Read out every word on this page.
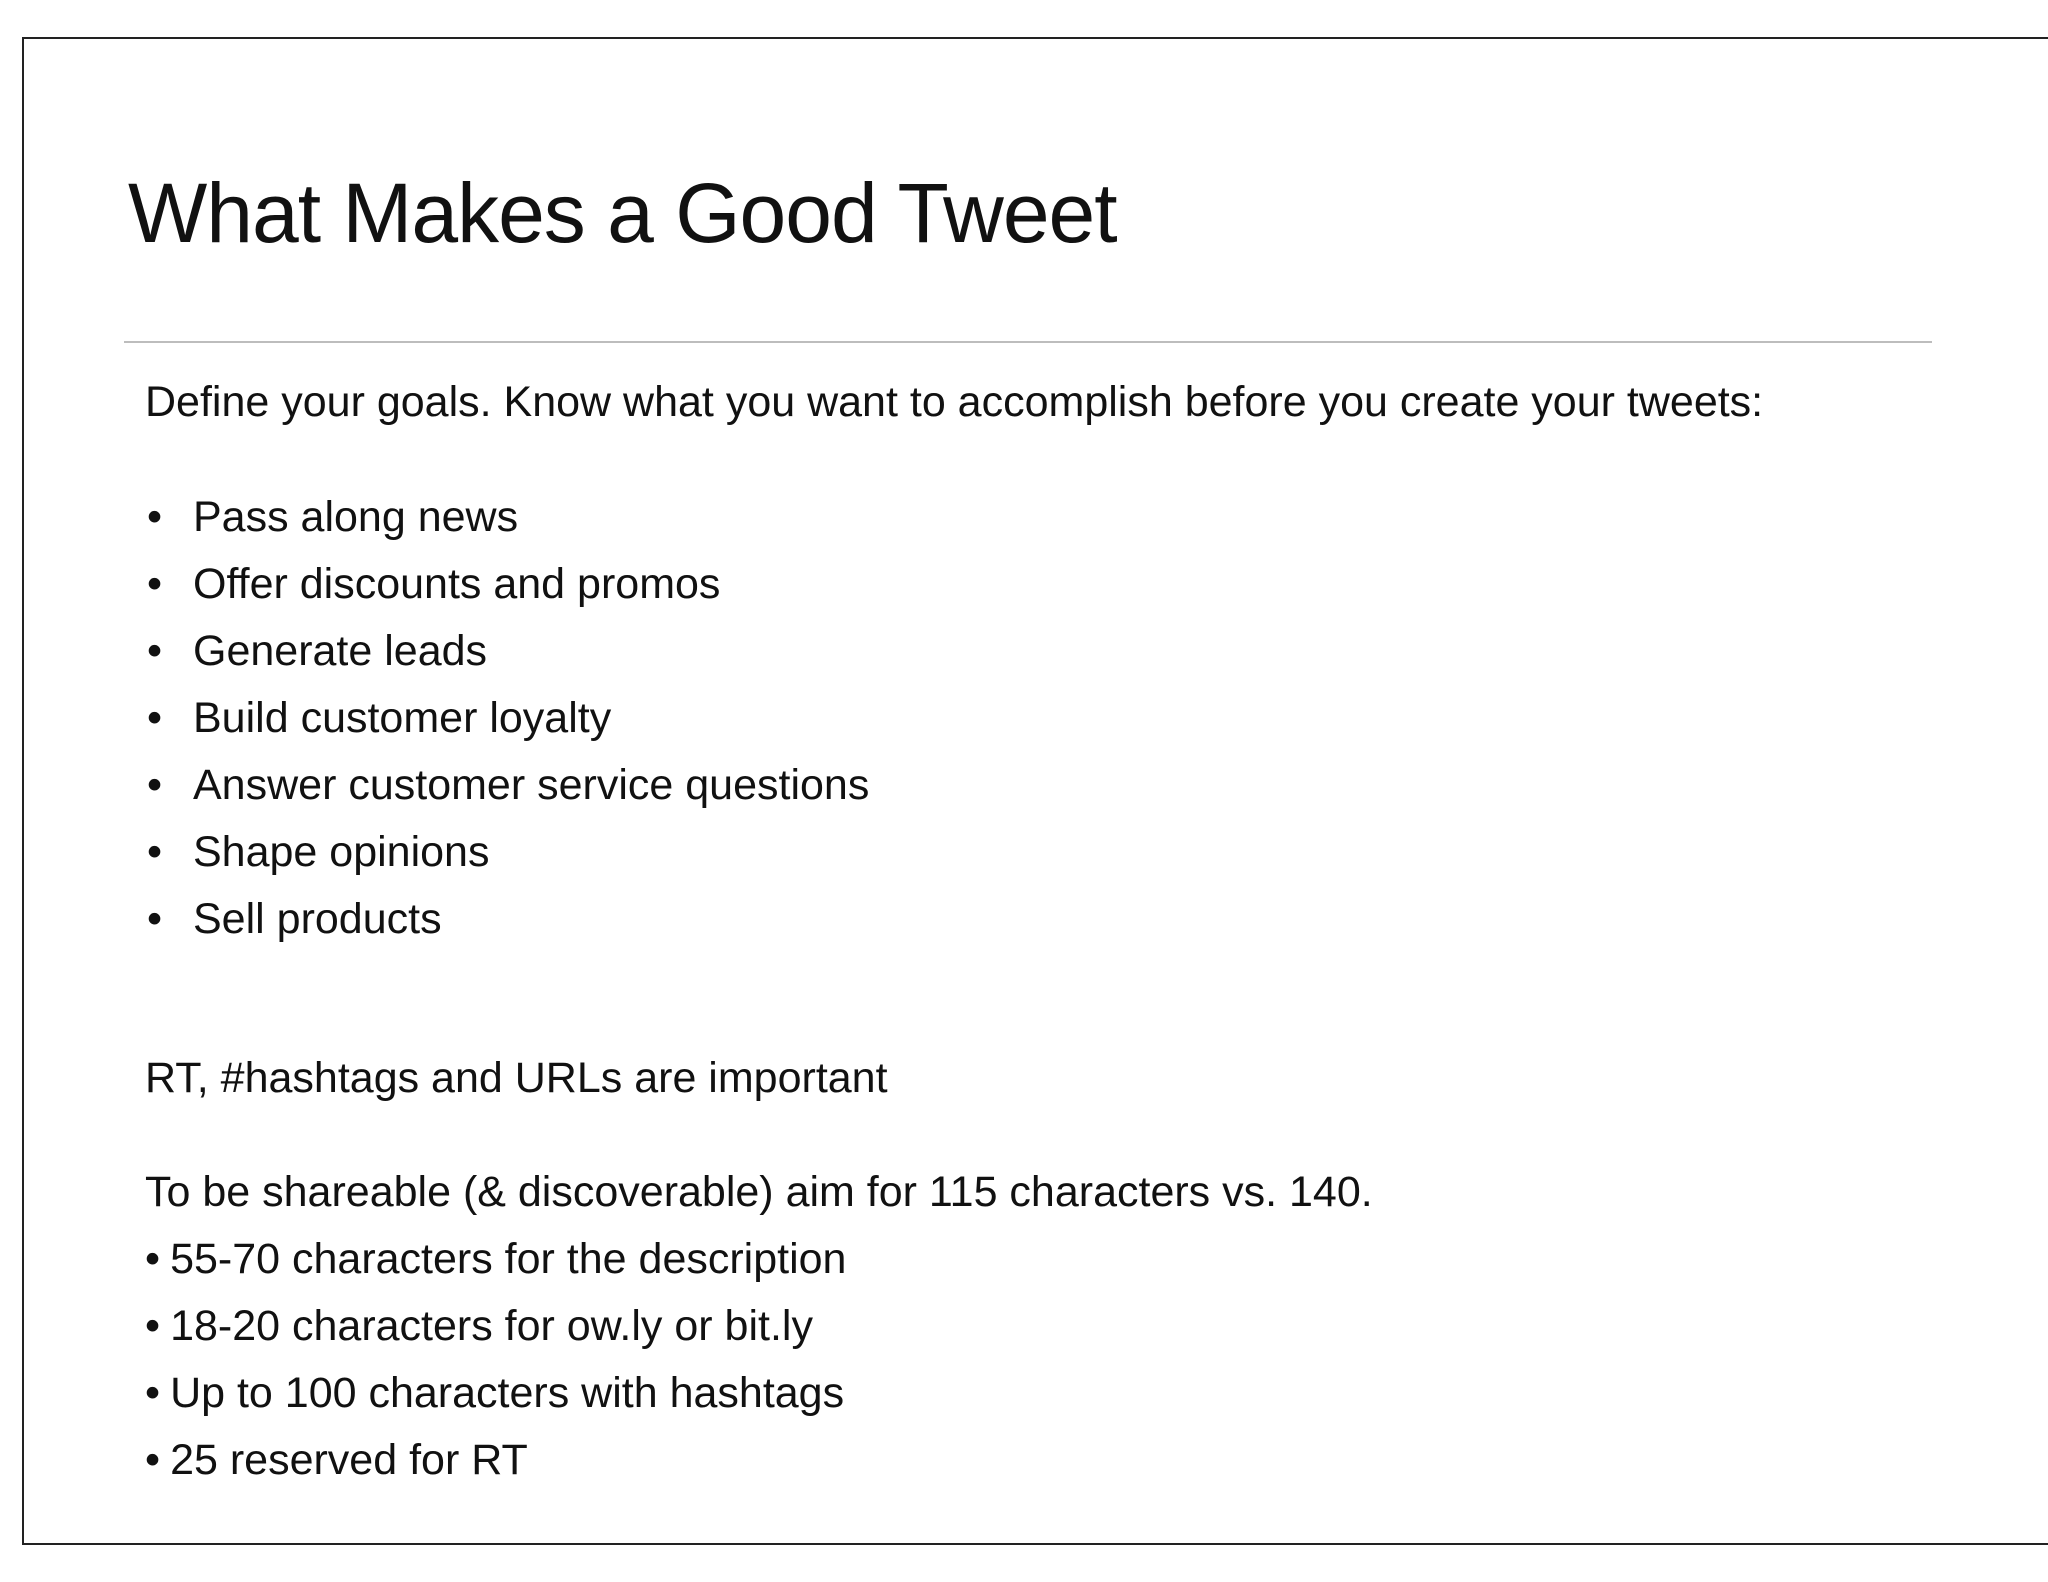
What Makes a Good Tweet

Define your goals. Know what you want to accomplish before you create your tweets:

• Pass along news
• Offer discounts and promos
• Generate leads
• Build customer loyalty
• Answer customer service questions
• Shape opinions
• Sell products

RT, #hashtags and URLs are important

To be shareable (& discoverable) aim for 115 characters vs. 140.

• 55-70 characters for the description
• 18-20 characters for ow.ly or bit.ly
• Up to 100 characters with hashtags
• 25 reserved for RT
